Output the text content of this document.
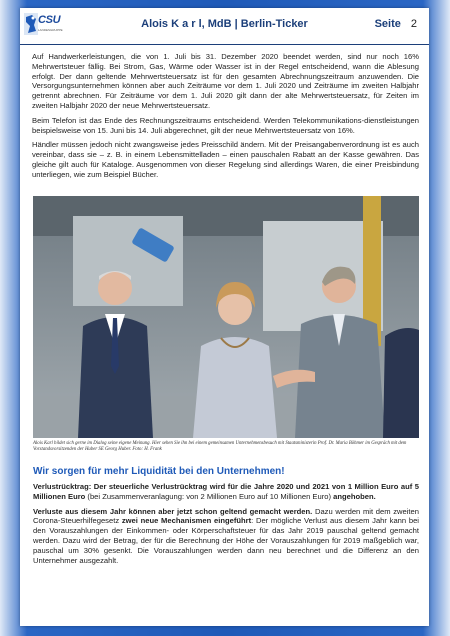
CSU
LANDESGRUPPE	Alois K a r l, MdB | Berlin-Ticker	Seite 2

Auf Handwerkerleistungen, die von 1. Juli bis 31. Dezember 2020 beendet werden, sind nur noch 16% Mehrwertsteuer fällig. Bei Strom, Gas, Wärme oder Wasser ist in der Regel entscheidend, wann die Ablesung erfolgt. Der dann geltende Mehrwertsteuersatz ist für den gesamten Abrechnungszeitraum anzuwenden. Die Versorgungsunternehmen können aber auch Zeiträume vor dem 1. Juli 2020 und Zeiträume im zweiten Halbjahr getrennt abrechnen. Für Zeiträume vor dem 1. Juli 2020 gilt dann der alte Mehrwertsteuersatz, für Zeiten im zweiten Halbjahr 2020 der neue Mehrwertsteuersatz.

Beim Telefon ist das Ende des Rechnungszeitraums entscheidend. Werden Telekommunikations-dienstleistungen beispielsweise von 15. Juni bis 14. Juli abgerechnet, gilt der neue Mehrwertsteuersatz von 16%.

Händler müssen jedoch nicht zwangsweise jedes Preisschild ändern. Mit der Preisangabenverordnung ist es auch vereinbar, dass sie – z. B. in einem Lebensmittelladen – einen pauschalen Rabatt an der Kasse gewähren. Das gleiche gilt auch für Kataloge. Ausgenommen von dieser Regelung sind allerdings Waren, die einer Preisbindung unterliegen, wie zum Beispiel Bücher.

Alois Karl bildet sich gerne im Dialog seine eigene Meinung. Hier sehen Sie ihn bei einem gemeinsamen Unternehmensbesuch mit Staatsministerin Prof. Dr. Maria Böhmer im Gespräch mit dem Vorstandsvorsitzenden der Huber SE Georg Huber. Foto: H. Frank
Wir sorgen für mehr Liquidität bei den Unternehmen!

Verlustrücktrag: Der steuerliche Verlustrücktrag wird für die Jahre 2020 und 2021 von 1 Million Euro auf 5 Millionen Euro (bei Zusammenveranlagung: von 2 Millionen Euro auf 10 Millionen Euro) angehoben.

Verluste aus diesem Jahr können aber jetzt schon geltend gemacht werden. Dazu werden mit dem zweiten Corona-Steuerhilfegesetz zwei neue Mechanismen eingeführt: Der mögliche Verlust aus diesem Jahr kann bei den Vorauszahlungen der Einkommen- oder Körperschaftsteuer für das Jahr 2019 pauschal geltend gemacht werden. Dazu wird der Betrag, der für die Berechnung der Höhe der Vorauszahlungen für 2019 maßgeblich war, pauschal um 30% gesenkt. Die Vorauszahlungen werden dann neu berechnet und die Differenz an den Unternehmer ausgezahlt.
